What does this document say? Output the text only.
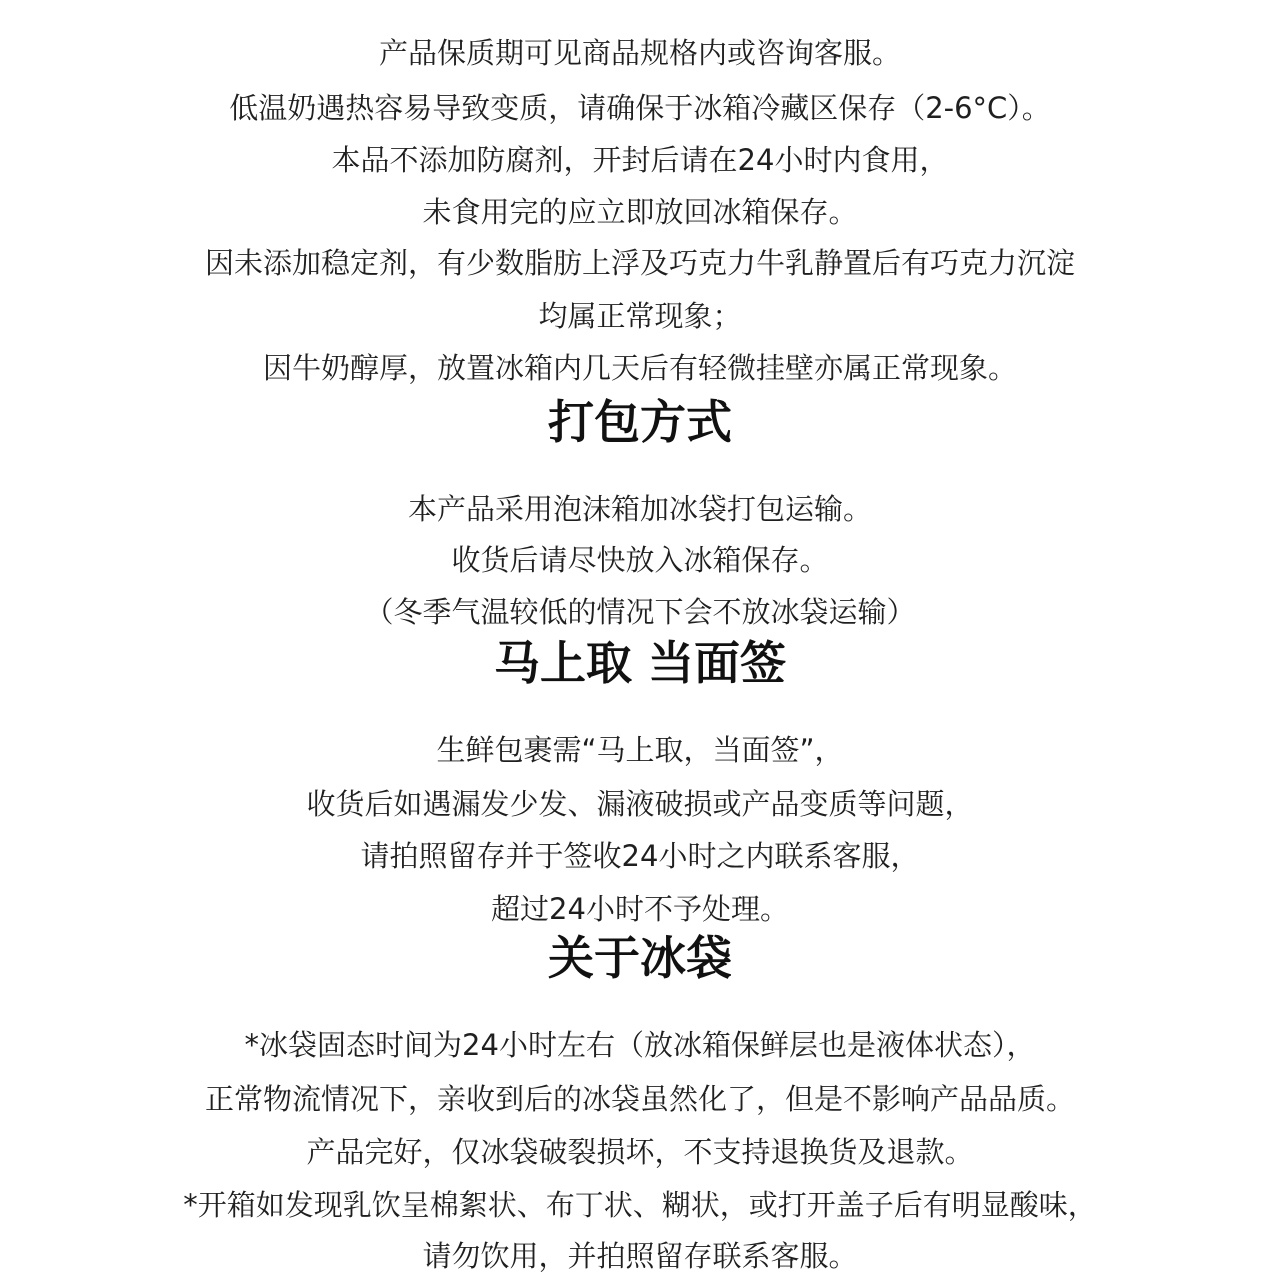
产品保质期可见商品规格内或咨询客服。
低温奶遇热容易导致变质，请确保于冰箱冷藏区保存（2-6°C）。
本品不添加防腐剂，开封后请在24小时内食用，
未食用完的应立即放回冰箱保存。
因未添加稳定剂，有少数脂肪上浮及巧克力牛乳静置后有巧克力沉淀
均属正常现象；
因牛奶醇厚，放置冰箱内几天后有轻微挂壁亦属正常现象。
打包方式
本产品采用泡沫箱加冰袋打包运输。
收货后请尽快放入冰箱保存。
（冬季气温较低的情况下会不放冰袋运输）
马上取 当面签
生鲜包裹需“马上取，当面签”，
收货后如遇漏发少发、漏液破损或产品变质等问题，
请拍照留存并于签收24小时之内联系客服，
超过24小时不予处理。
关于冰袋
*冰袋固态时间为24小时左右（放冰箱保鲜层也是液体状态），
正常物流情况下，亲收到后的冰袋虽然化了，但是不影响产品品质。
产品完好，仅冰袋破裂损坏，不支持退换货及退款。
*开箱如发现乳饮呈棉絮状、布丁状、糊状，或打开盖子后有明显酸味，
请勿饮用，并拍照留存联系客服。
